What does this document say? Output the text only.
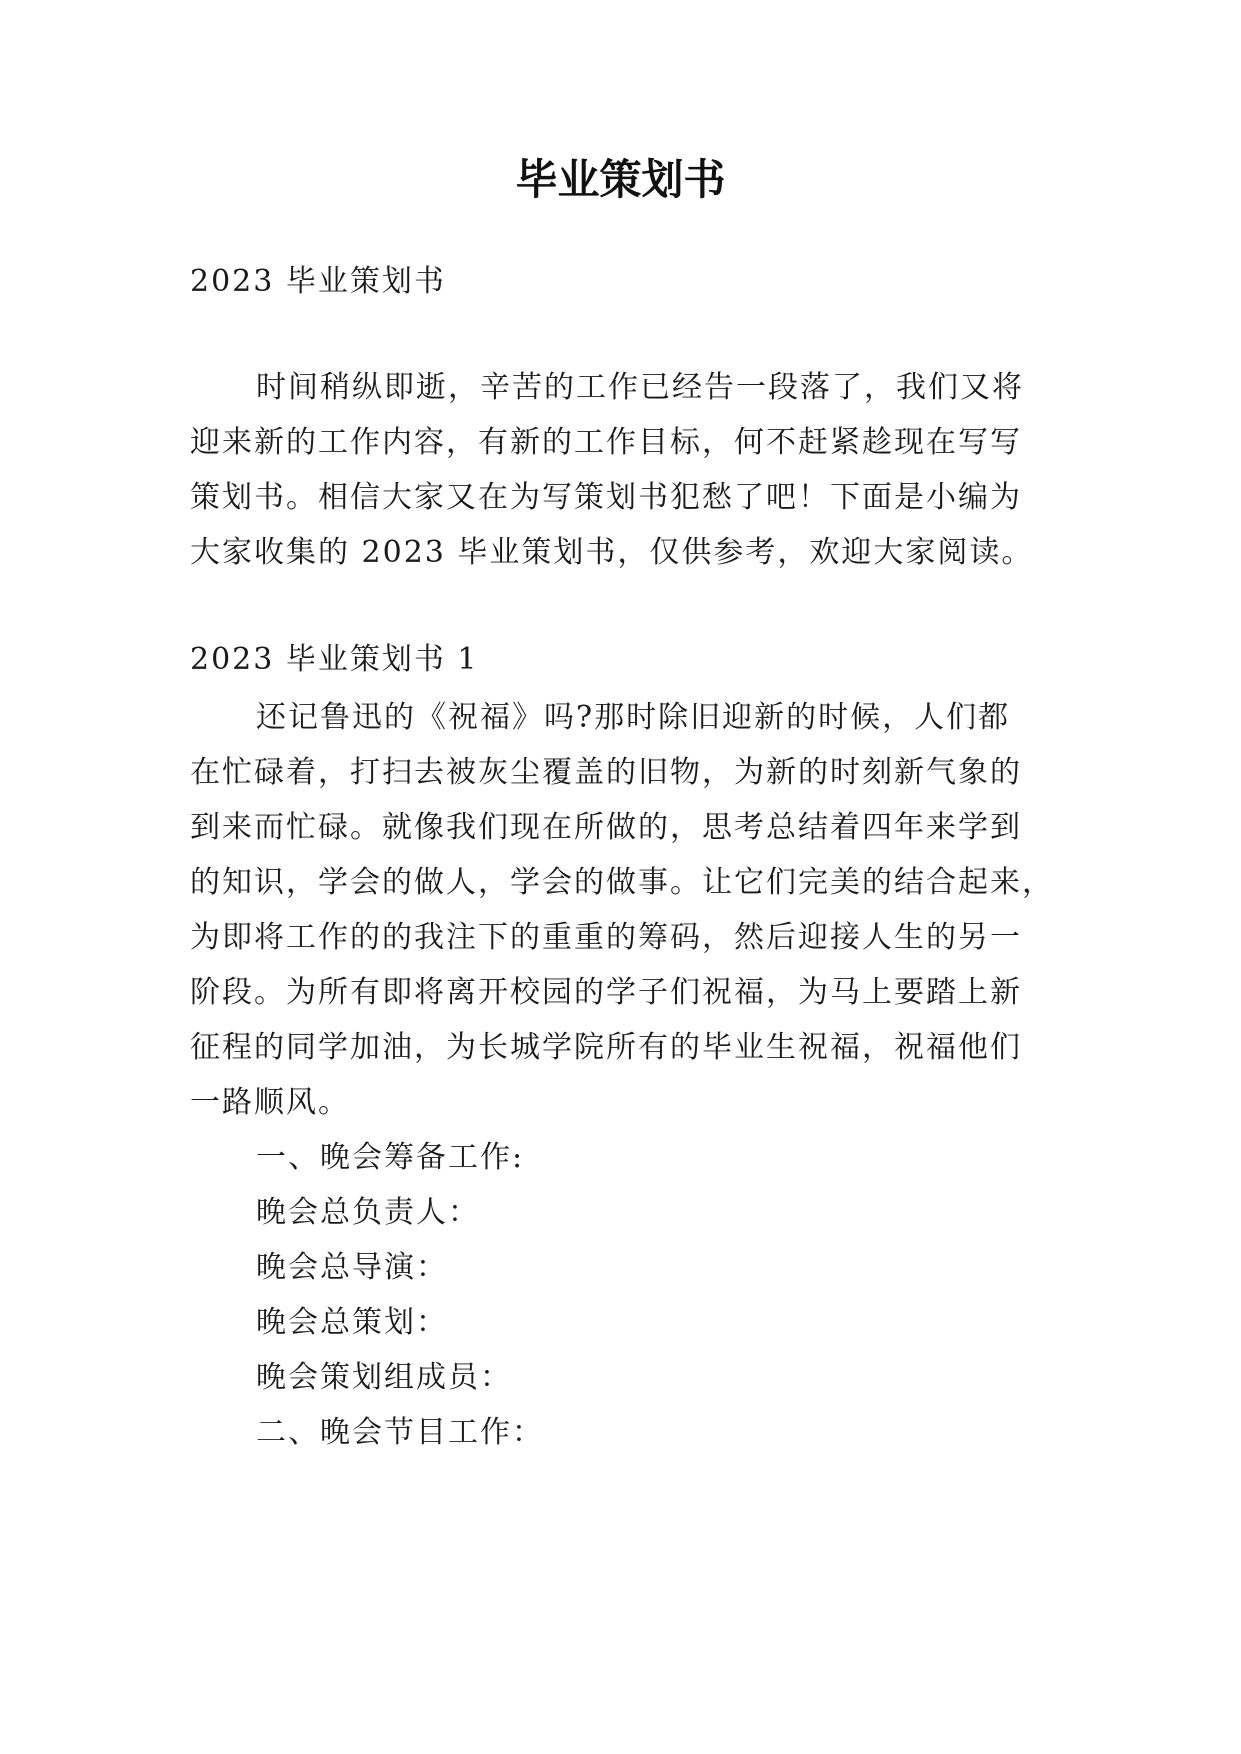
毕业策划书
2023 毕业策划书
时间稍纵即逝，辛苦的工作已经告一段落了，我们又将
迎来新的工作内容，有新的工作目标，何不赶紧趁现在写写
策划书。相信大家又在为写策划书犯愁了吧！下面是小编为
大家收集的 2023 毕业策划书，仅供参考，欢迎大家阅读。
2023 毕业策划书 1
还记鲁迅的《祝福》吗?那时除旧迎新的时候，人们都
在忙碌着，打扫去被灰尘覆盖的旧物，为新的时刻新气象的
到来而忙碌。就像我们现在所做的，思考总结着四年来学到
的知识，学会的做人，学会的做事。让它们完美的结合起来，
为即将工作的的我注下的重重的筹码，然后迎接人生的另一
阶段。为所有即将离开校园的学子们祝福，为马上要踏上新
征程的同学加油，为长城学院所有的毕业生祝福，祝福他们
一路顺风。
一、晚会筹备工作:
晚会总负责人：
晚会总导演：
晚会总策划：
晚会策划组成员：
二、晚会节目工作：
